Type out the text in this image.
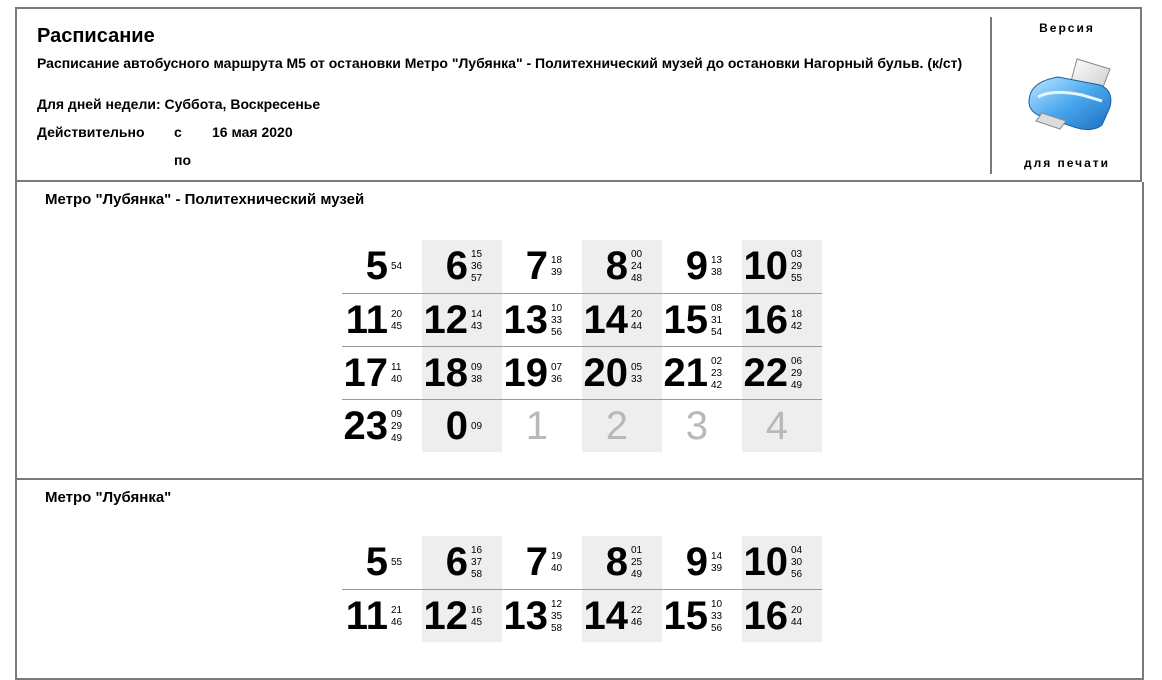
Расписание
Расписание автобусного маршрута М5 от остановки Метро "Лубянка" - Политехнический музей до остановки Нагорный бульв. (к/ст)
Для дней недели: Суббота, Воскресенье
Действительно с 16 мая 2020
по
Версия
для печати
Метро "Лубянка" - Политехнический музей
5 54 6 15
36
57 7 18
39 8 00
24
48 9 13
38 10 03
29
55
11 20
45 12 14
43 13 10
33
56 14 20
44 15 08
31
54 16 18
42
17 11
40 18 09
38 19 07
36 20 05
33 21 02
23
42 22 06
29
49
23 09
29
49 0 09 1 2 3 4
Метро "Лубянка"
5 55 6 16
37
58 7 19
40 8 01
25
49 9 14
39 10 04
30
56
11 21
46 12 16
45 13 12
35
58 14 22
46 15 10
33
56 16 20
44
